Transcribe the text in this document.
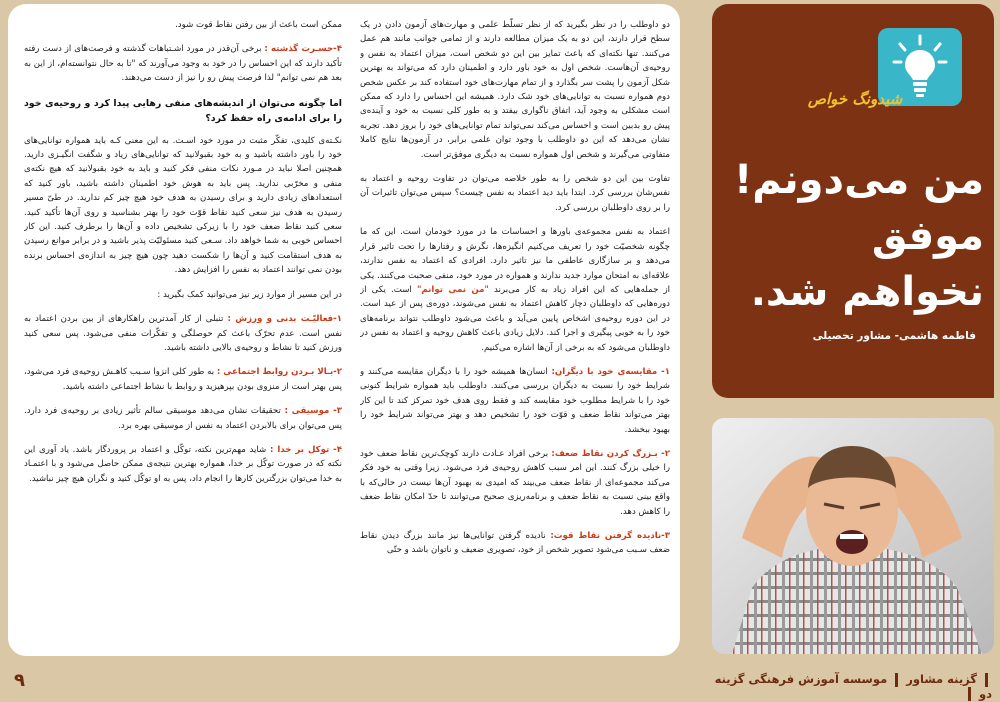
دو داوطلب را در نظر بگیرید که از نظر تسلّط علمی و مهارت‌های آزمون دادن در یک سطح قرار دارند، این دو به یک میزان مطالعه دارند و از تمامی جوانب مانند هم عمل می‌کنند. تنها نکته‌ای که باعث تمایز بین این دو شخص است، میزان اعتماد به نفس و روحیه‌ی آن‌هاست. شخص اول به خود باور دارد و اطمینان دارد که می‌تواند به بهترین شکل آزمون را پشت سر بگذارد و از تمام مهارت‌های خود استفاده کند بر عکس شخص دوم همواره نسبت به توانایی‌های خود شک دارد. همیشه این احساس را دارد که ممکن است مشکلی به وجود آید، اتفاق ناگواری بیفتد و به طور کلی نسبت به خود و آینده‌ی پیش رو بدبین است و احساس می‌کند نمی‌تواند تمام توانایی‌های خود را بروز دهد. تجربه نشان می‌دهد که این دو داوطلب با وجود توان علمی برابر، در آزمون‌ها نتایج کاملا متفاوتی می‌گیرند و شخص اول همواره نسبت به دیگری موفق‌تر است.

تفاوت بین این دو شخص را به طور خلاصه می‌توان در تفاوت روحیه و اعتماد به نفس‌شان بررسی کرد. ابتدا باید دید اعتماد به نفس چیست؟ سپس می‌توان تاثیرات آن را بر روی داوطلبان بررسی کرد.

اعتماد به نفس مجموعه‌ی باورها و احساسات ما در مورد خودمان است. این که ما چگونه شخصیّت خود را تعریف می‌کنیم انگیزه‌ها، نگرش و رفتارها را تحت تاثیر قرار می‌دهد و بر سازگاری عاطفی ما نیز تاثیر دارد. افرادی که اعتماد به نفس ندارند، علاقه‌ای به امتحان موارد جدید ندارند و همواره در مورد خود، منفی صحبت می‌کنند. یکی از جمله‌هایی که این افراد زیاد به کار می‌برند "من نمی توانم" است. یکی از دوره‌هایی که داوطلبان دچار کاهش اعتماد به نفس می‌شوند، دوره‌ی پس از عید است. در این دوره روحیه‌ی اشخاص پایین می‌آید و باعث می‌شود داوطلب نتواند برنامه‌های خود را به خوبی پیگیری و اجرا کند. دلایل زیادی باعث کاهش روحیه و اعتماد به نفس در داوطلبان می‌شود که به برخی از آن‌ها اشاره می‌کنیم.

۱- مقایسه‌ی خود با دیگران: انسان‌ها همیشه خود را با دیگران مقایسه می‌کنند و شرایط خود را نسبت به دیگران بررسی می‌کنند. داوطلب باید همواره شرایط کنونی خود را با شرایط مطلوب خود مقایسه کند و فقط روی هدف خود تمرکز کند تا این کار بهتر می‌تواند نقاط ضعف و قوّت خود را تشخیص دهد و بهتر می‌تواند شرایط خود را بهبود ببخشد.

۲- بـزرگ کردن نقاط ضعف: برخی افراد عـادت دارند کوچک‌ترین نقاط ضعف خود را خیلی بزرگ کنند. این امر سبب کاهش روحیه‌ی فرد می‌شود. زیرا وقتی به خود فکر می‌کند مجموعه‌ای از نقاط ضعف می‌بیند که امیدی به بهبود آن‌ها نیست در حالی‌که با واقع بینی نسبت به نقاط ضعف و برنامه‌ریزی صحیح می‌توانند تا حدّ امکان نقاط ضعف را کاهش دهد.

۳-نادیده گرفتن نقاط قوت: نادیده گرفتن توانایی‌ها نیز مانند بزرگ دیدن نقاط ضعف سـبب می‌شود تصویر شخص از خود، تصویری ضعیف و ناتوان باشد و حتّی

ممکن است باعث از بین رفتن نقاط قوت شود.

۴-حسـرت گذشته : برخی آن‌قدر در مورد اشـتباهات گذشته و فرصت‌های از دست رفته تأکید دارند که این احساس را در خود به وجود می‌آورند که "تا به حال نتوانسته‌ام، از این به بعد هم نمی توانم" لذا فرصت پیش رو را نیز از دست می‌دهند.

اما چگونه می‌توان از اندیشه‌های منفی رهایی پیدا کرد و روحیه‌ی خود را برای ادامه‌ی راه حفظ کرد؟

نکـته‌ی کلیدی، تفکّر مثبت در مورد خود اسـت. به این معنی کـه باید همواره توانایی‌های خود را باور داشته باشید و به خود بقبولانید که توانایی‌های زیاد و شگفت انگیـزی دارید. همچنین اصلا نباید در مـورد نکات منفی فکر کنید و باید به خود بقبولانید که هیچ نکته‌ی منفی و مخرّبی ندارید. پس باید به هوش خود اطمینان داشته باشید، باور کنید که استعدادهای زیادی دارید و برای رسیدن به هدف خود هیچ چیز کم ندارید. در طیّ مسیر رسیدن به هدف نیز سعی کنید نقاط قوّت خود را بهتر بشناسید و روی آن‌ها تأکید کنید. سعی کنید نقاط ضعف خود را با زیرکی تشخیص داده و آن‌ها را برطرف کنید. این کار احساس خوبی به شما خواهد داد. سـعی کنید مسئولیّت پذیر باشید و در برابر موانع رسیدن به هدف استقامت کنید و آن‌ها را شکست دهید چون هیچ چیز به اندازه‌ی احساس برنده بودن نمی توانند اعتماد به نفس را افزایش دهد.

در این مسیر از موارد زیر نیز می‌توانید کمک بگیرید :

۱-فعالیّـت بدنی و ورزش : تنبلی از کار آمدترین راهکارهای از بین بردن اعتماد به نفس است. عدم تحرّک باعث کم حوصلگی و تفکّرات منفی می‌شود. پس سعی کنید ورزش کنید تا نشاط و روحیه‌ی بالایی داشته باشید.

۲-بـالا بـردن روابط اجتماعی : به طور کلی انزوا سـبب کاهـش روحیه‌ی فرد می‌شود، پس بهتر است از منزوی بودن بپرهیزید و روابط با نشاط اجتماعی داشته باشید.

۳- موسیقی : تحقیقات نشان می‌دهد موسیقی سالم تأثیر زیادی بر روحیه‌ی فرد دارد. پس می‌توان برای بالابردن اعتماد به نفس از موسیقی بهره برد.

۴- توکل بر خدا : شاید مهم‌ترین نکته، توکّل و اعتماد بر پروردگار باشد. یاد آوری این نکته که در صورت توکّل بر خدا، همواره بهترین نتیجه‌ی ممکن حاصل می‌شود و با اعتمـاد به خدا می‌توان بزرگترین کارها را انجام داد، پس به او توکّل کنید و نگران هیچ چیز نباشید.

شیدونگ خواص
من می‌دونم! موفق نخواهم شد.
فاطمه هاشمی- مشاور تحصیلی
گزینه مشاور  موسسه آموزش فرهنگی گزینه دو
۹
